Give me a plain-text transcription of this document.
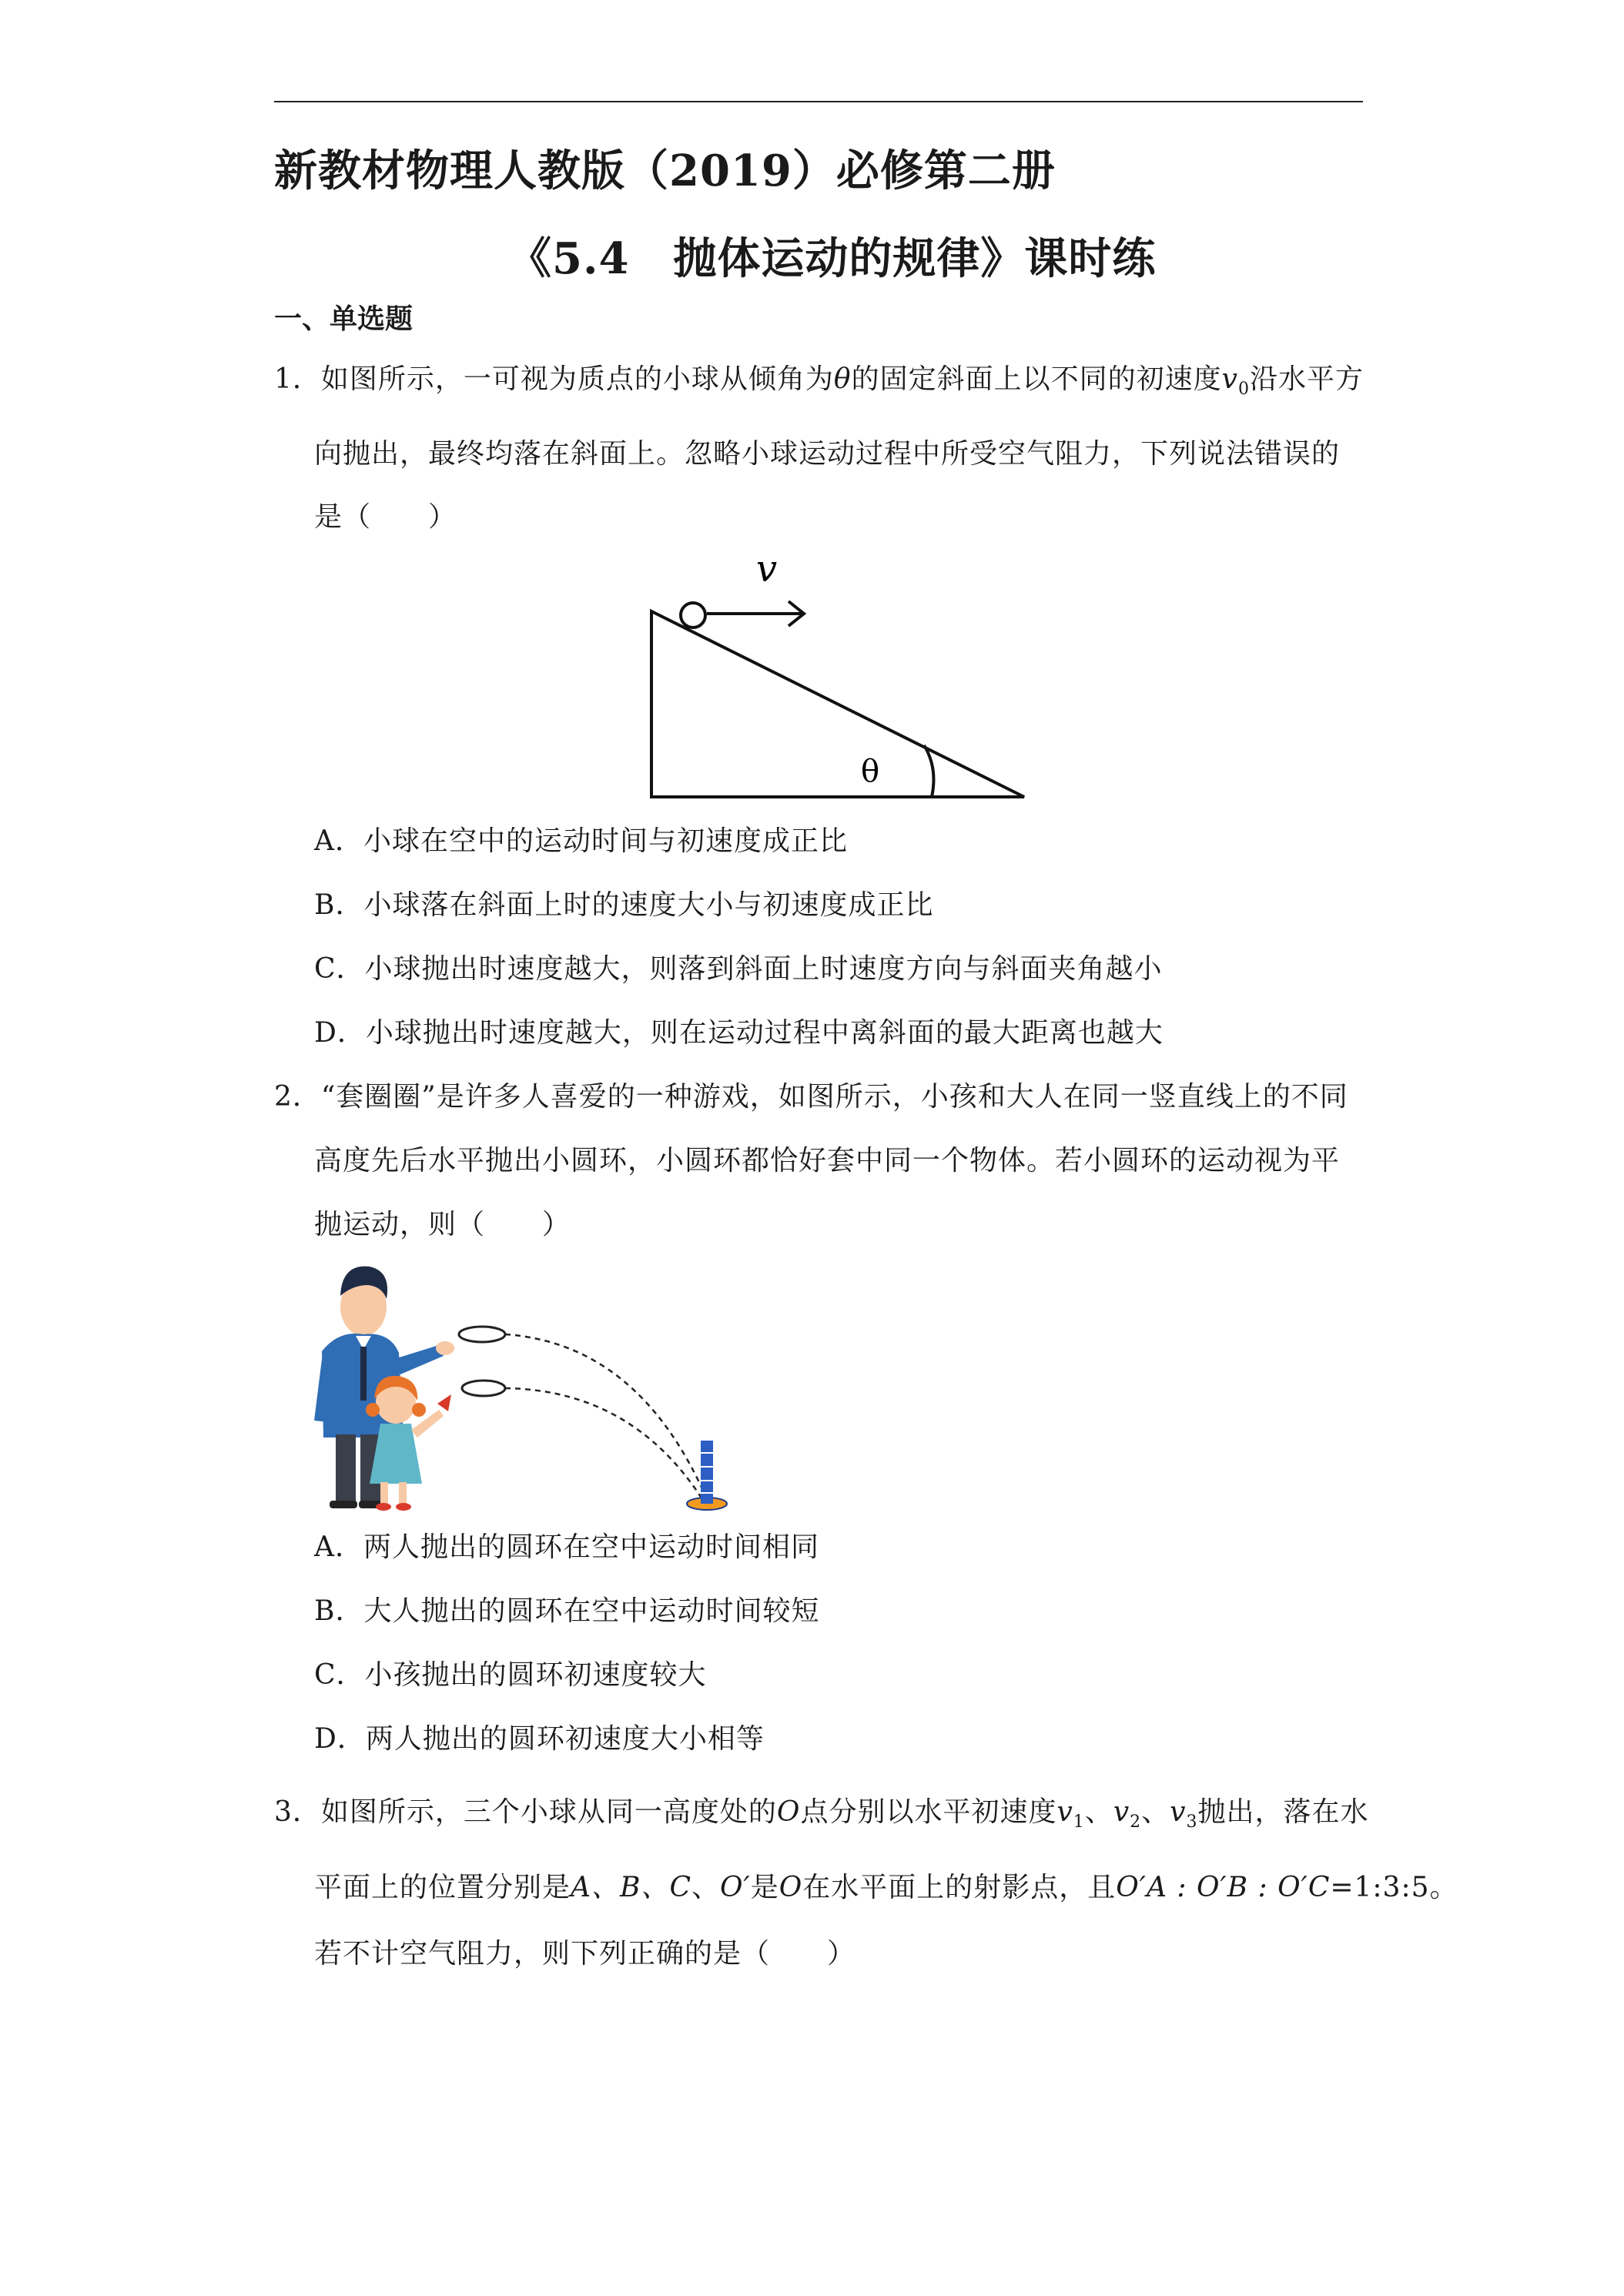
新教材物理人教版（2019）必修第二册
《5.4　抛体运动的规律》课时练
一、单选题
1．如图所示，一可视为质点的小球从倾角为θ的固定斜面上以不同的初速度$v_0$沿水平方
向抛出，最终均落在斜面上。忽略小球运动过程中所受空气阻力，下列说法错误的
是（　　）
v
θ
A．小球在空中的运动时间与初速度成正比
B．小球落在斜面上时的速度大小与初速度成正比
C．小球抛出时速度越大，则落到斜面上时速度方向与斜面夹角越小
D．小球抛出时速度越大，则在运动过程中离斜面的最大距离也越大
2．“套圈圈”是许多人喜爱的一种游戏，如图所示，小孩和大人在同一竖直线上的不同
高度先后水平抛出小圆环，小圆环都恰好套中同一个物体。若小圆环的运动视为平
抛运动，则（　　）
A．两人抛出的圆环在空中运动时间相同
B．大人抛出的圆环在空中运动时间较短
C．小孩抛出的圆环初速度较大
D．两人抛出的圆环初速度大小相等
3．如图所示，三个小球从同一高度处的O点分别以水平初速度$v_1$、$v_2$、$v_3$抛出，落在水
平面上的位置分别是A、B、C、O′是O在水平面上的射影点，且O′A : O′B : O′C=1:3:5。
若不计空气阻力，则下列正确的是（　　）
